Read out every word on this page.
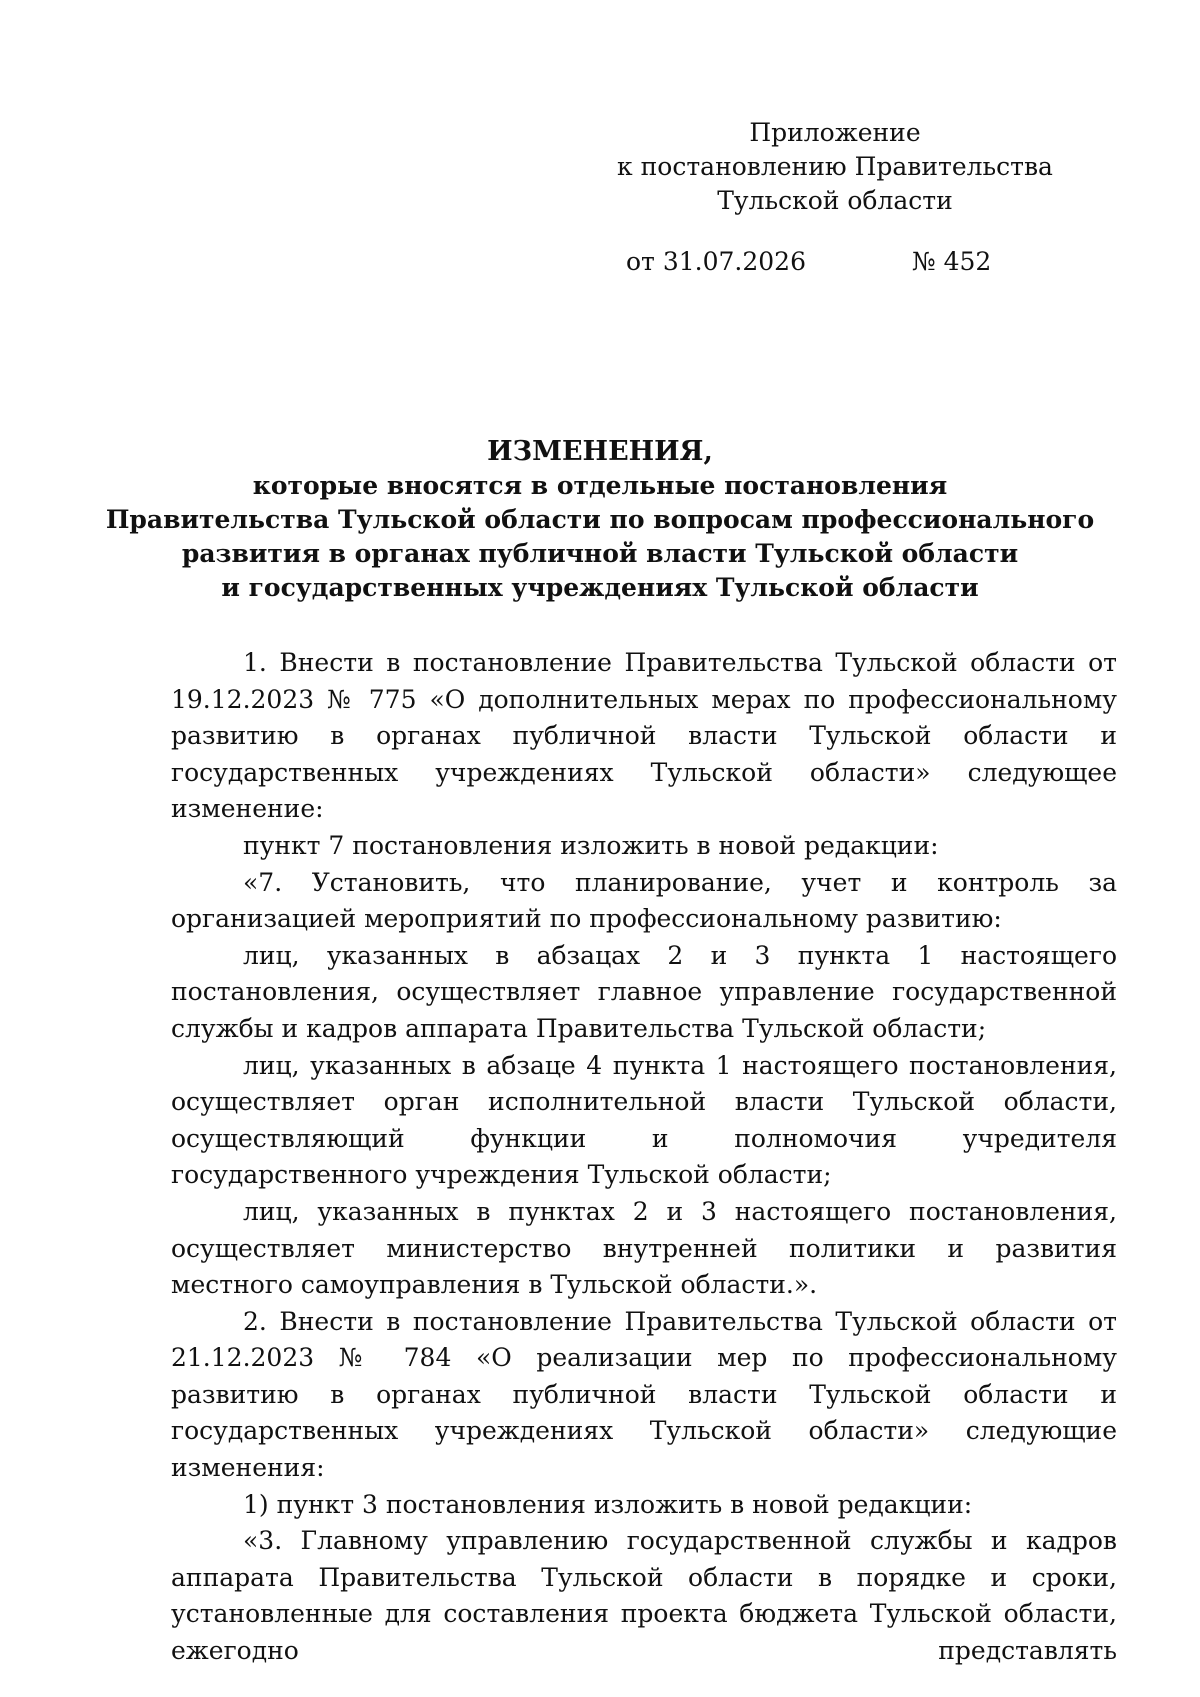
Приложение
к постановлению Правительства
Тульской области
от 31.07.2026	№ 452
ИЗМЕНЕНИЯ,
которые вносятся в отдельные постановления
Правительства Тульской области по вопросам профессионального
развития в органах публичной власти Тульской области
и государственных учреждениях Тульской области

1. Внести в постановление Правительства Тульской области от 19.12.2023 № 775 «О дополнительных мерах по профессиональному развитию в органах публичной власти Тульской области и государственных учреждениях Тульской области» следующее изменение:

пункт 7 постановления изложить в новой редакции:

«7. Установить, что планирование, учет и контроль за организацией мероприятий по профессиональному развитию:

лиц, указанных в абзацах 2 и 3 пункта 1 настоящего постановления, осуществляет главное управление государственной службы и кадров аппарата Правительства Тульской области;

лиц, указанных в абзаце 4 пункта 1 настоящего постановления, осуществляет орган исполнительной власти Тульской области, осуществляющий функции и полномочия учредителя государственного учреждения Тульской области;

лиц, указанных в пунктах 2 и 3 настоящего постановления, осуществляет министерство внутренней политики и развития местного самоуправления в Тульской области.».

2. Внести в постановление Правительства Тульской области от 21.12.2023 № 784 «О реализации мер по профессиональному развитию в органах публичной власти Тульской области и государственных учреждениях Тульской области» следующие изменения:

1) пункт 3 постановления изложить в новой редакции:

«3. Главному управлению государственной службы и кадров аппарата Правительства Тульской области в порядке и сроки, установленные для составления проекта бюджета Тульской области, ежегодно представлять
